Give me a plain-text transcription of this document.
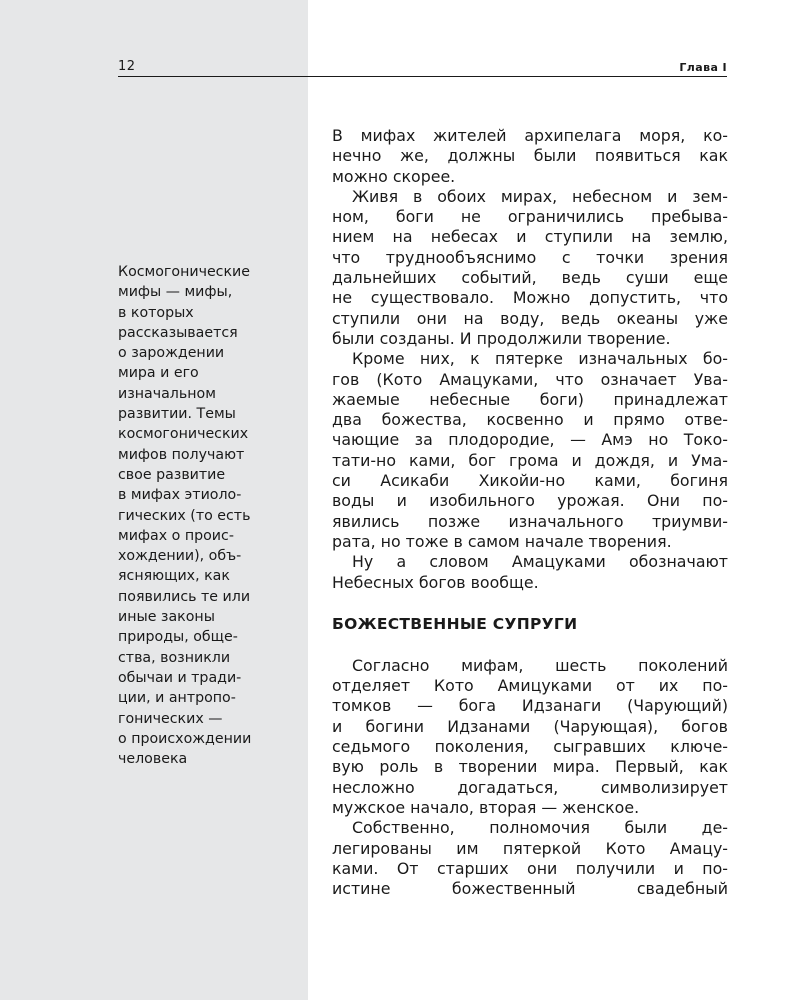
12	Глава I
Космогонические
мифы — мифы,
в которых
рассказывается
о зарождении
мира и его
изначальном
развитии. Темы
космогонических
мифов получают
свое развитие
в мифах этиоло-
гических (то есть
мифах о проис-
хождении), объ-
ясняющих, как
появились те или
иные законы
природы, обще-
ства, возникли
обычаи и тради-
ции, и антропо-
гонических —
о происхождении
человека
В мифах жителей архипелага моря, ко-
нечно же, должны были появиться как
можно скорее.
Живя в обоих мирах, небесном и зем-
ном, боги не ограничились пребыва-
нием на небесах и ступили на землю,
что труднообъяснимо с точки зрения
дальнейших событий, ведь суши еще
не существовало. Можно допустить, что
ступили они на воду, ведь океаны уже
были созданы. И продолжили творение.
Кроме них, к пятерке изначальных бо-
гов (Кото Амацуками, что означает Ува-
жаемые небесные боги) принадлежат
два божества, косвенно и прямо отве-
чающие за плодородие, — Амэ но Токо-
тати-но ками, бог грома и дождя, и Ума-
си Асикаби Хикойи-но ками, богиня
воды и изобильного урожая. Они по-
явились позже изначального триумви-
рата, но тоже в самом начале творения.
Ну а словом Амацуками обозначают
Небесных богов вообще.
БОЖЕСТВЕННЫЕ СУПРУГИ
Согласно мифам, шесть поколений
отделяет Кото Амицуками от их по-
томков — бога Идзанаги (Чарующий)
и богини Идзанами (Чарующая), богов
седьмого поколения, сыгравших ключе-
вую роль в творении мира. Первый, как
несложно догадаться, символизирует
мужское начало, вторая — женское.
Собственно, полномочия были де-
легированы им пятеркой Кото Амацу-
ками. От старших они получили и по-
истине божественный свадебный
